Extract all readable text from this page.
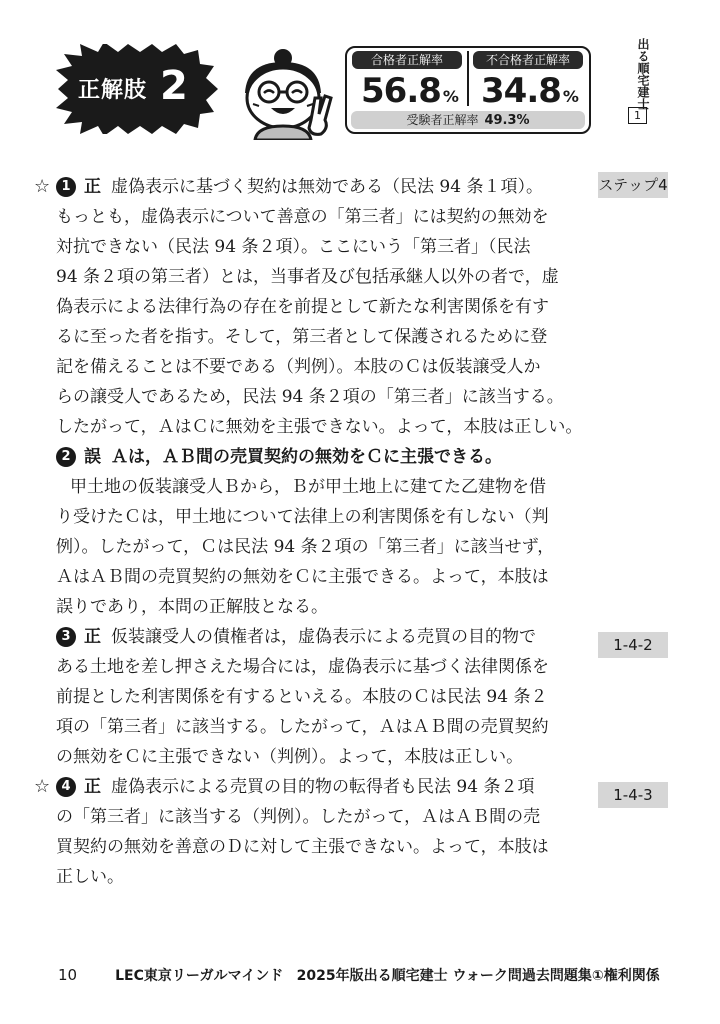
正解肢 2
合格者正解率	不合格者正解率
56.8 % 34.8 %
受験者正解率 49.3%
出る順宅建士
1
ステップ4
1-4-2
1-4-3

☆ 1 正 虚偽表示に基づく契約は無効である（民法 94 条１項）。

もっとも，虚偽表示について善意の「第三者」には契約の無効を

対抗できない（民法 94 条２項）。ここにいう「第三者」（民法

94 条２項の第三者）とは，当事者及び包括承継人以外の者で，虚

偽表示による法律行為の存在を前提として新たな利害関係を有す

るに至った者を指す。そして，第三者として保護されるために登

記を備えることは不要である（判例）。本肢のＣは仮装譲受人か

らの譲受人であるため，民法 94 条２項の「第三者」に該当する。

したがって，ＡはＣに無効を主張できない。よって，本肢は正しい。

2 誤 Ａは，ＡＢ間の売買契約の無効をＣに主張できる。

甲土地の仮装譲受人Ｂから，Ｂが甲土地上に建てた乙建物を借

り受けたＣは，甲土地について法律上の利害関係を有しない（判

例）。したがって，Ｃは民法 94 条２項の「第三者」に該当せず，

ＡはＡＢ間の売買契約の無効をＣに主張できる。よって，本肢は

誤りであり，本問の正解肢となる。

3 正 仮装譲受人の債権者は，虚偽表示による売買の目的物で

ある土地を差し押さえた場合には，虚偽表示に基づく法律関係を

前提とした利害関係を有するといえる。本肢のＣは民法 94 条２

項の「第三者」に該当する。したがって，ＡはＡＢ間の売買契約

の無効をＣに主張できない（判例）。よって，本肢は正しい。

☆ 4 正 虚偽表示による売買の目的物の転得者も民法 94 条２項

の「第三者」に該当する（判例）。したがって，ＡはＡＢ間の売

買契約の無効を善意のＤに対して主張できない。よって，本肢は

正しい。

10	LEC東京リーガルマインド 2025年版出る順宅建士 ウォーク問過去問題集①権利関係
